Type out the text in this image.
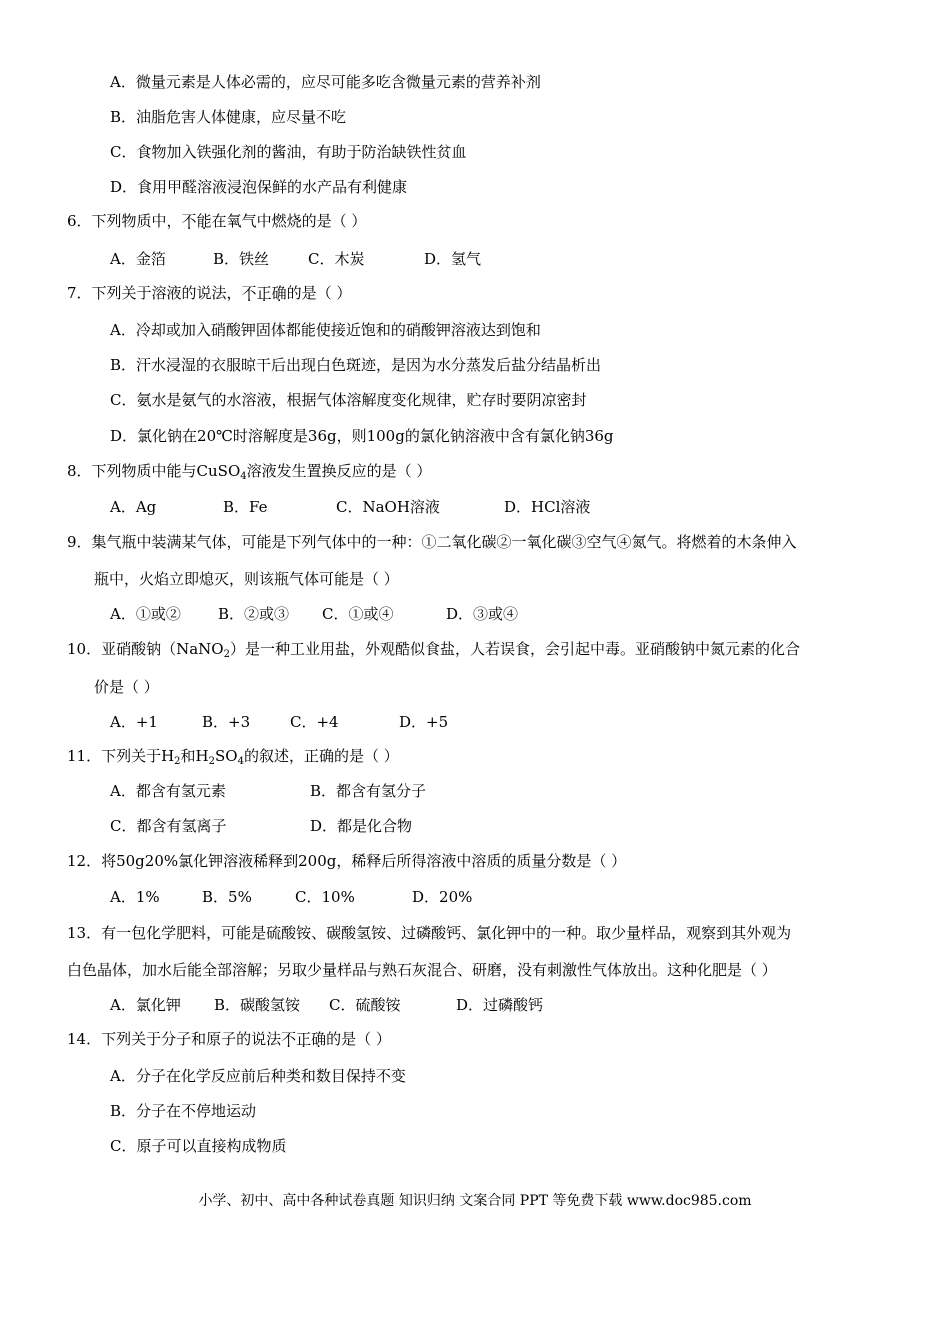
A．微量元素是人体必需的，应尽可能多吃含微量元素的营养补剂
B．油脂危害人体健康，应尽量不吃
C．食物加入铁强化剂的酱油，有助于防治缺铁性贫血
D．食用甲醛溶液浸泡保鲜的水产品有利健康
6．下列物质中，不能在氧气中燃烧的是（ ）
A．金箔	B．铁丝	C．木炭	D．氢气
7．下列关于溶液的说法，不正确的是（ ）
A．冷却或加入硝酸钾固体都能使接近饱和的硝酸钾溶液达到饱和
B．汗水浸湿的衣服晾干后出现白色斑迹，是因为水分蒸发后盐分结晶析出
C．氨水是氨气的水溶液，根据气体溶解度变化规律，贮存时要阴凉密封
D．氯化钠在20℃时溶解度是36g，则100g的氯化钠溶液中含有氯化钠36g
8．下列物质中能与CuSO$_4$溶液发生置换反应的是（ ）
A．Ag	B．Fe	C．NaOH溶液	D．HCl溶液
9．集气瓶中装满某气体，可能是下列气体中的一种：①二氧化碳②一氧化碳③空气④氮气。将燃着的木条伸入
瓶中，火焰立即熄灭，则该瓶气体可能是（ ）
A．①或②	B．②或③	C．①或④	D．③或④
10．亚硝酸钠（NaNO$_2$）是一种工业用盐，外观酷似食盐，人若误食，会引起中毒。亚硝酸钠中氮元素的化合
价是（ ）
A．+1	B．+3	C．+4	D．+5
11．下列关于$H_2$和$H_2SO_4$的叙述，正确的是（ ）
A．都含有氢元素	B．都含有氢分子
C．都含有氢离子	D．都是化合物
12．将50g20%氯化钾溶液稀释到200g，稀释后所得溶液中溶质的质量分数是（ ）
A．1%	B．5%	C．10%	D．20%
13．有一包化学肥料，可能是硫酸铵、碳酸氢铵、过磷酸钙、氯化钾中的一种。取少量样品，观察到其外观为
白色晶体，加水后能全部溶解；另取少量样品与熟石灰混合、研磨，没有刺激性气体放出。这种化肥是（ ）
A．氯化钾	B．碳酸氢铵	C．硫酸铵	D．过磷酸钙
14．下列关于分子和原子的说法不正确的是（ ）
A．分子在化学反应前后种类和数目保持不变
B．分子在不停地运动
C．原子可以直接构成物质
小学、初中、高中各种试卷真题 知识归纳 文案合同 PPT 等免费下载 www.doc985.com
